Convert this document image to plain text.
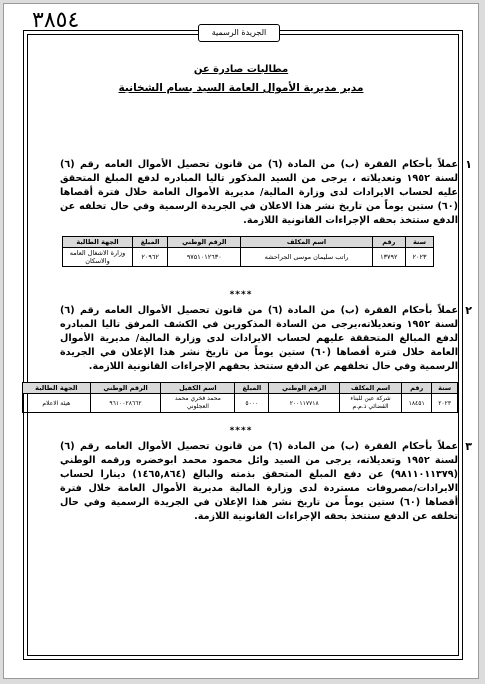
٣٨٥٤	الجريدة الرسمية
مطالبات صادرة عن
مدير مديرية الأموال العامة السيد بسام الشخانبة
١

عملاً بأحكام الفقرة (ب) من المادة (٦) من قانون تحصيل الأموال العامه رقم (٦) لسنة ١٩٥٢ وتعديلاته ، يرجى من السيد المذكور تاليا المبادره لدفع المبلغ المتحقق عليه لحساب الايرادات لدى وزارة المالية/ مديرية الأموال العامة خلال فترة أقصاها (٦٠) ستين يوماً من تاريخ نشر هذا الاعلان في الجريدة الرسمية وفي حال تخلفه عن الدفع ستتخذ بحقه الإجراءات القانونية اللازمة.

سنة	رقم	اسم المكلف	الرقم الوطني	المبلغ	الجهة الطالبة
٢٠٢٣	١٣٧٩٢	راتب سليمان موسى الجراحشه	٩٧٥١٠١٢٦٣٠	٢٠٩٦٢	وزارة الاشغال العامه والاسكان
****
٢

عملاً بأحكام الفقرة (ب) من المادة (٦) من قانون تحصيل الأموال العامه رقم (٦) لسنة ١٩٥٢ وتعديلاته،يرجى من السادة المذكورين في الكشف المرفق تاليا المبادره لدفع المبالغ المتحققة عليهم لحساب الايرادات لدى وزارة المالية/ مديرية الأموال العامة خلال فترة أقصاها (٦٠) ستين يوماً من تاريخ نشر هذا الإعلان في الجريدة الرسمية وفي حال تخلفهم عن الدفع ستتخذ بحقهم الإجراءات القانونية اللازمة.

سنة	رقم	اسم المكلف	الرقم الوطني	المبلغ	اسم الكفيل	الرقم الوطني	الجهة الطالبة
٢٠٢٣	١٨٤٥١	شركة عين للبناء القضائي ذ.م.م	٢٠٠١١٧٧١٨	٥٠٠٠	محمد فخري محمد العجلوني	٩٦١٠٠٢٨٦٦٢	هيئة الاعلام
****
٣

عملاً بأحكام الفقرة (ب) من المادة (٦) من قانون تحصيل الأموال العامه رقم (٦) لسنة ١٩٥٢ وتعديلاته، يرجى من السيد وائل محمود محمد ابوخضره ورقمه الوطني (٩٨١١٠١١٣٧٩) عن دفع المبلغ المتحقق بذمته والبالغ (١٤٦٥,٨٦٤) دينارا لحساب الايرادات/مصروفات مستردة لدى وزارة المالية مديرية الأموال العامة خلال فترة أقصاها (٦٠) ستين يوماً من تاريخ نشر هذا الإعلان في الجريدة الرسمية وفي حال تخلفه عن الدفع ستتخذ بحقه الإجراءات القانونية اللازمة.
